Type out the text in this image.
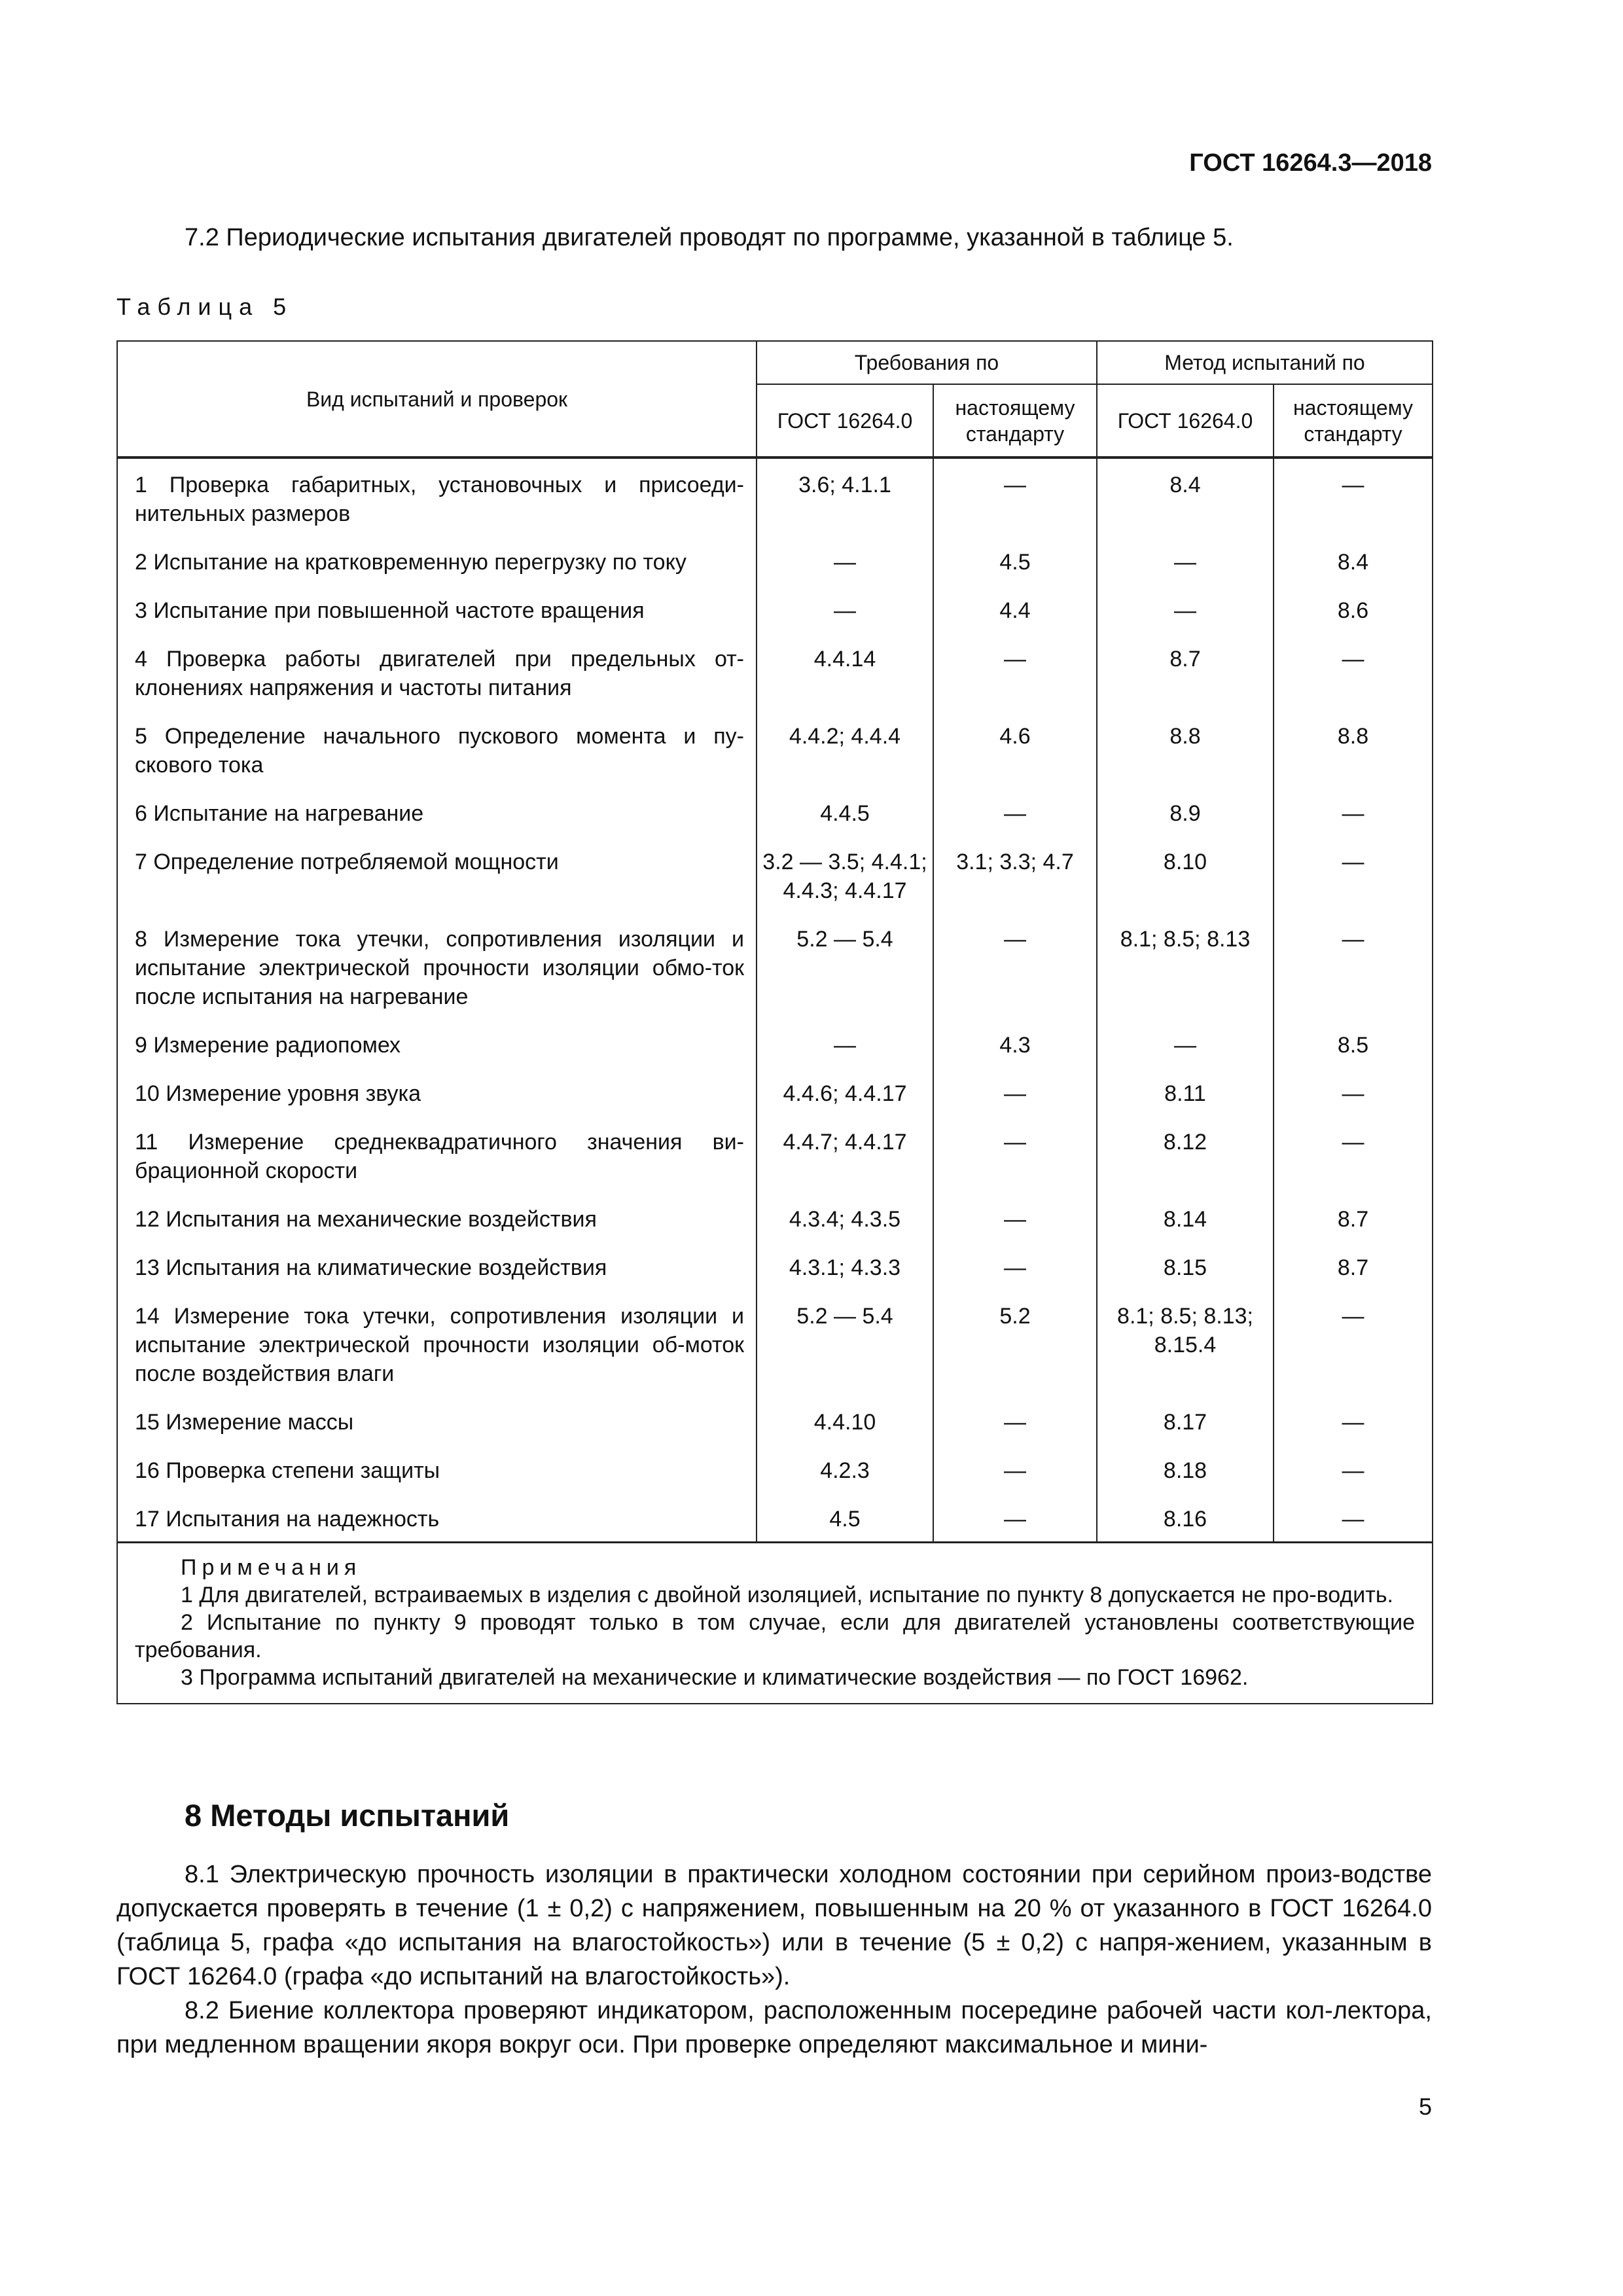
ГОСТ 16264.3—2018
7.2 Периодические испытания двигателей проводят по программе, указанной в таблице 5.
Таблица 5
Вид испытаний и проверок	Требования по		Метод испытаний по	
	ГОСТ 16264.0	настоящему стандарту	ГОСТ 16264.0	настоящему стандарту
1 Проверка габаритных, установочных и присоеди-нительных размеров	3.6; 4.1.1	—	8.4	—
2 Испытание на кратковременную перегрузку по току	—	4.5	—	8.4
3 Испытание при повышенной частоте вращения	—	4.4	—	8.6
4 Проверка работы двигателей при предельных от-клонениях напряжения и частоты питания	4.4.14	—	8.7	—
5 Определение начального пускового момента и пу-скового тока	4.4.2; 4.4.4	4.6	8.8	8.8
6 Испытание на нагревание	4.4.5	—	8.9	—
7 Определение потребляемой мощности	3.2 — 3.5; 4.4.1; 4.4.3; 4.4.17	3.1; 3.3; 4.7	8.10	—
8 Измерение тока утечки, сопротивления изоляции и испытание электрической прочности изоляции обмо-ток после испытания на нагревание	5.2 — 5.4	—	8.1; 8.5; 8.13	—
9 Измерение радиопомех	—	4.3	—	8.5
10 Измерение уровня звука	4.4.6; 4.4.17	—	8.11	—
11 Измерение среднеквадратичного значения ви-брационной скорости	4.4.7; 4.4.17	—	8.12	—
12 Испытания на механические воздействия	4.3.4; 4.3.5	—	8.14	8.7
13 Испытания на климатические воздействия	4.3.1; 4.3.3	—	8.15	8.7
14 Измерение тока утечки, сопротивления изоляции и испытание электрической прочности изоляции об-моток после воздействия влаги	5.2 — 5.4	5.2	8.1; 8.5; 8.13; 8.15.4	—
15 Измерение массы	4.4.10	—	8.17	—
16 Проверка степени защиты	4.2.3	—	8.18	—
17 Испытания на надежность	4.5	—	8.16	—

Примечания
1 Для двигателей, встраиваемых в изделия с двойной изоляцией, испытание по пункту 8 допускается не про-водить.
2 Испытание по пункту 9 проводят только в том случае, если для двигателей установлены соответствующие требования.
3 Программа испытаний двигателей на механические и климатические воздействия — по ГОСТ 16962.				
8 Методы испытаний

8.1 Электрическую прочность изоляции в практически холодном состоянии при серийном произ-водстве допускается проверять в течение (1 ± 0,2) с напряжением, повышенным на 20 % от указанного в ГОСТ 16264.0 (таблица 5, графа «до испытания на влагостойкость») или в течение (5 ± 0,2) с напря-жением, указанным в ГОСТ 16264.0 (графа «до испытаний на влагостойкость»).

8.2 Биение коллектора проверяют индикатором, расположенным посередине рабочей части кол-лектора, при медленном вращении якоря вокруг оси. При проверке определяют максимальное и мини-

5
